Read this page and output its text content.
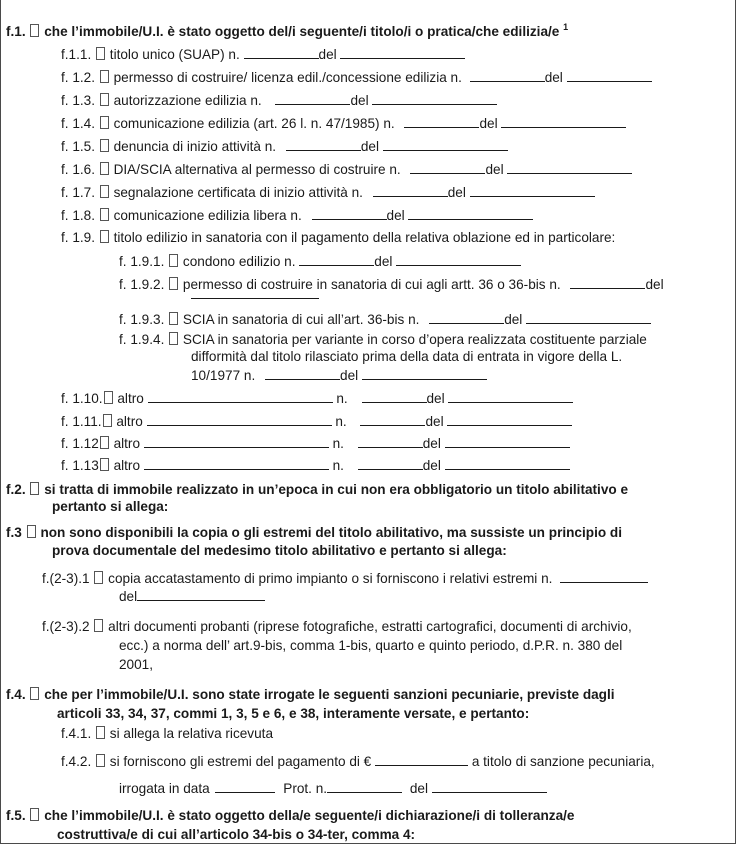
f.1. che l’immobile/U.I. è stato oggetto del/i seguente/i titolo/i o pratica/che edilizia/e $^1$
f.1.1. titolo unico (SUAP) n.	del
f. 1.2. permesso di costruire/ licenza edil./concessione edilizia n.	del
f. 1.3. autorizzazione edilizia n.	del
f. 1.4. comunicazione edilizia (art. 26 l. n. 47/1985) n.	del
f. 1.5. denuncia di inizio attività n.	del
f. 1.6. DIA/SCIA alternativa al permesso di costruire n.	del
f. 1.7. segnalazione certificata di inizio attività n.	del
f. 1.8. comunicazione edilizia libera n.	del
f. 1.9. titolo edilizio in sanatoria con il pagamento della relativa oblazione ed in particolare:
f. 1.9.1. condono edilizio n.	del
f. 1.9.2. permesso di costruire in sanatoria di cui agli artt. 36 o 36-bis n.	del
f. 1.9.3. SCIA in sanatoria di cui all’art. 36-bis n.	del
f. 1.9.4. SCIA in sanatoria per variante in corso d’opera realizzata costituente parziale
difformità dal titolo rilasciato prima della data di entrata in vigore della L.
10/1977 n.	del
f. 1.10. altro	n.	del
f. 1.11. altro	n.	del
f. 1.12 altro	n.	del
f. 1.13 altro	n.	del
f.2. si tratta di immobile realizzato in un’epoca in cui non era obbligatorio un titolo abilitativo e
pertanto si allega:
f.3 non sono disponibili la copia o gli estremi del titolo abilitativo, ma sussiste un principio di
prova documentale del medesimo titolo abilitativo e pertanto si allega:
f.(2-3).1 copia accatastamento di primo impianto o si forniscono i relativi estremi n.
del
f.(2-3).2 altri documenti probanti (riprese fotografiche, estratti cartografici, documenti di archivio,
ecc.) a norma dell’ art.9-bis, comma 1-bis, quarto e quinto periodo, d.P.R. n. 380 del
2001,
f.4. che per l’immobile/U.I. sono state irrogate le seguenti sanzioni pecuniarie, previste dagli
articoli 33, 34, 37, commi 1, 3, 5 e 6, e 38, interamente versate, e pertanto:
f.4.1. si allega la relativa ricevuta
f.4.2. si forniscono gli estremi del pagamento di €	a titolo di sanzione pecuniaria,
irrogata in data	Prot. n.	del
f.5. che l’immobile/U.I. è stato oggetto della/e seguente/i dichiarazione/i di tolleranza/e
costruttiva/e di cui all’articolo 34-bis o 34-ter, comma 4:
